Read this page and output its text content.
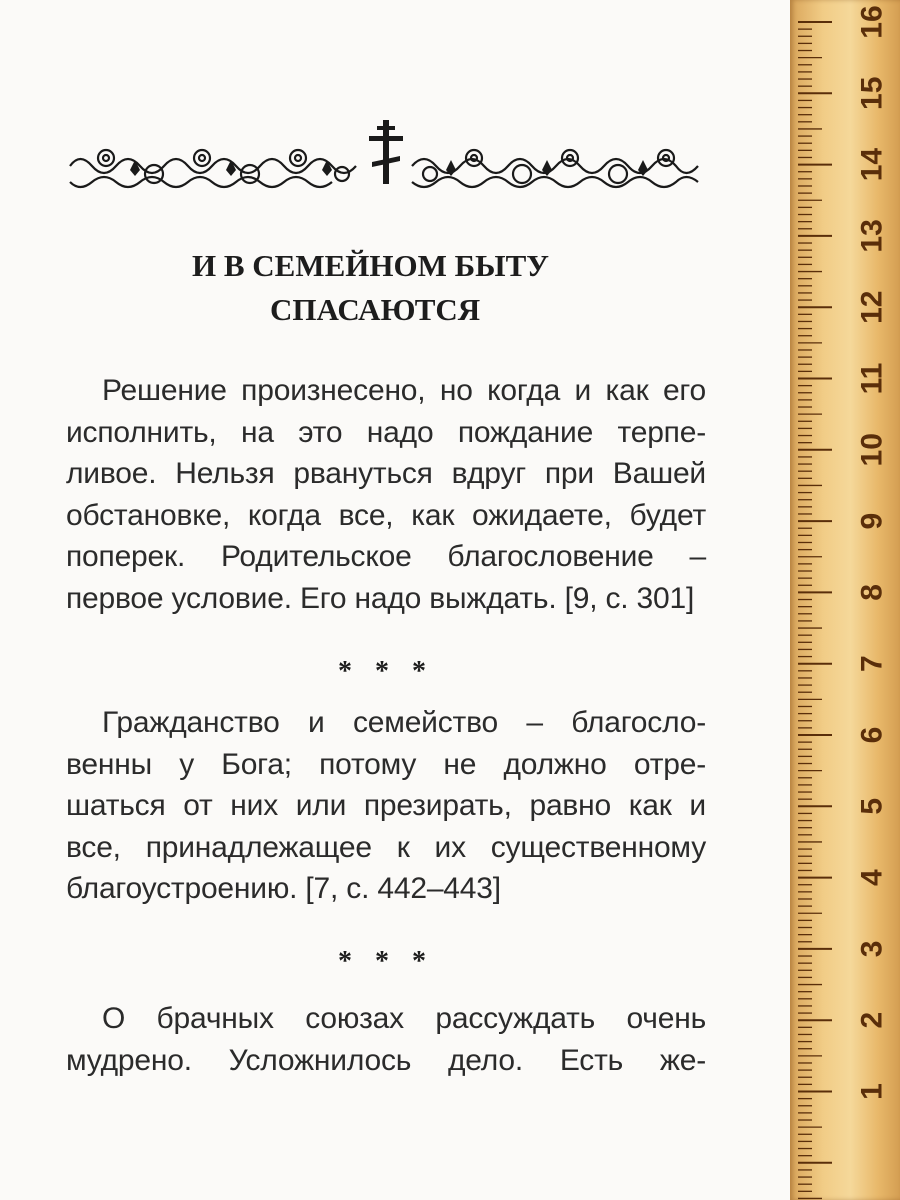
И В СЕМЕЙНОМ БЫТУ
СПАСАЮТСЯ
Решение произнесено, но когда и как его
исполнить, на это надо пождание терпе-
ливое. Нельзя рвануться вдруг при Вашей
обстановке, когда все, как ожидаете, будет
поперек. Родительское благословение –
первое условие. Его надо выждать. [9, с. 301]
* * *
Гражданство и семейство – благосло-
венны у Бога; потому не должно отре-
шаться от них или презирать, равно как и
все, принадлежащее к их существенному
благоустроению. [7, с. 442–443]
* * *
О брачных союзах рассуждать очень
мудрено. Усложнилось дело. Есть же-
16
15
14
13
12
11
10
9
8
7
6
5
4
3
2
1
